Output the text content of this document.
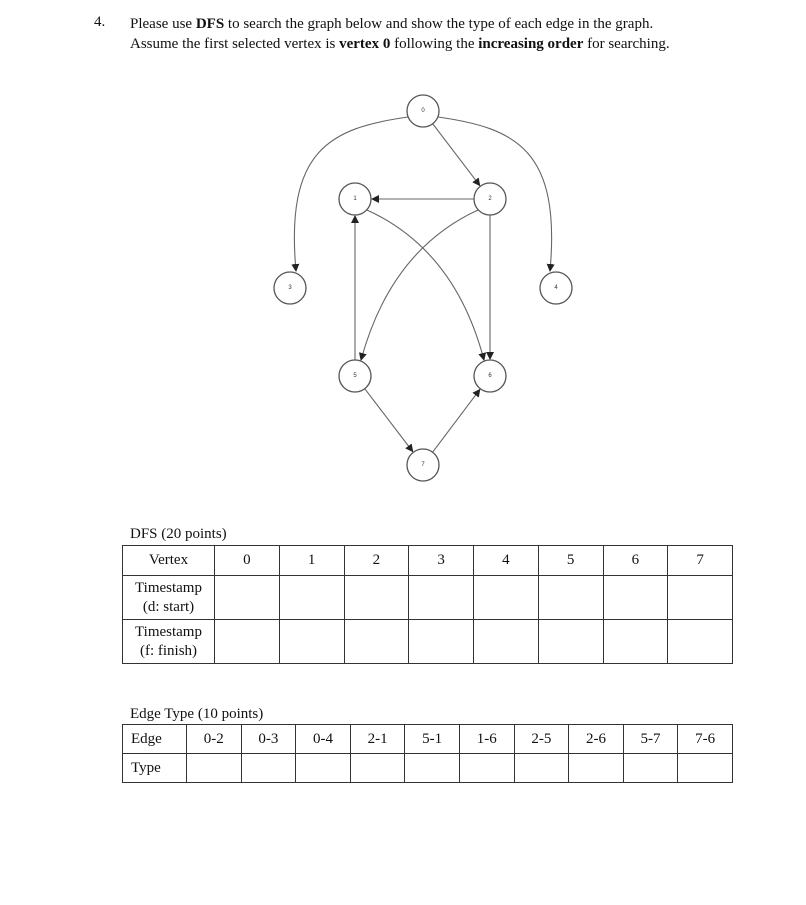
4. Please use DFS to search the graph below and show the type of each edge in the graph.
Assume the first selected vertex is vertex 0 following the increasing order for searching.
0
1	2
3	4
5	6
7
DFS (20 points)
Vertex	0	1	2	3	4	5	6	7

Timestamp
(d: start)								

Timestamp
(f: finish)								

Edge Type (10 points)
Edge	0-2	0-3	0-4	2-1	5-1	1-6	2-5	2-6	5-7	7-6
Type										
